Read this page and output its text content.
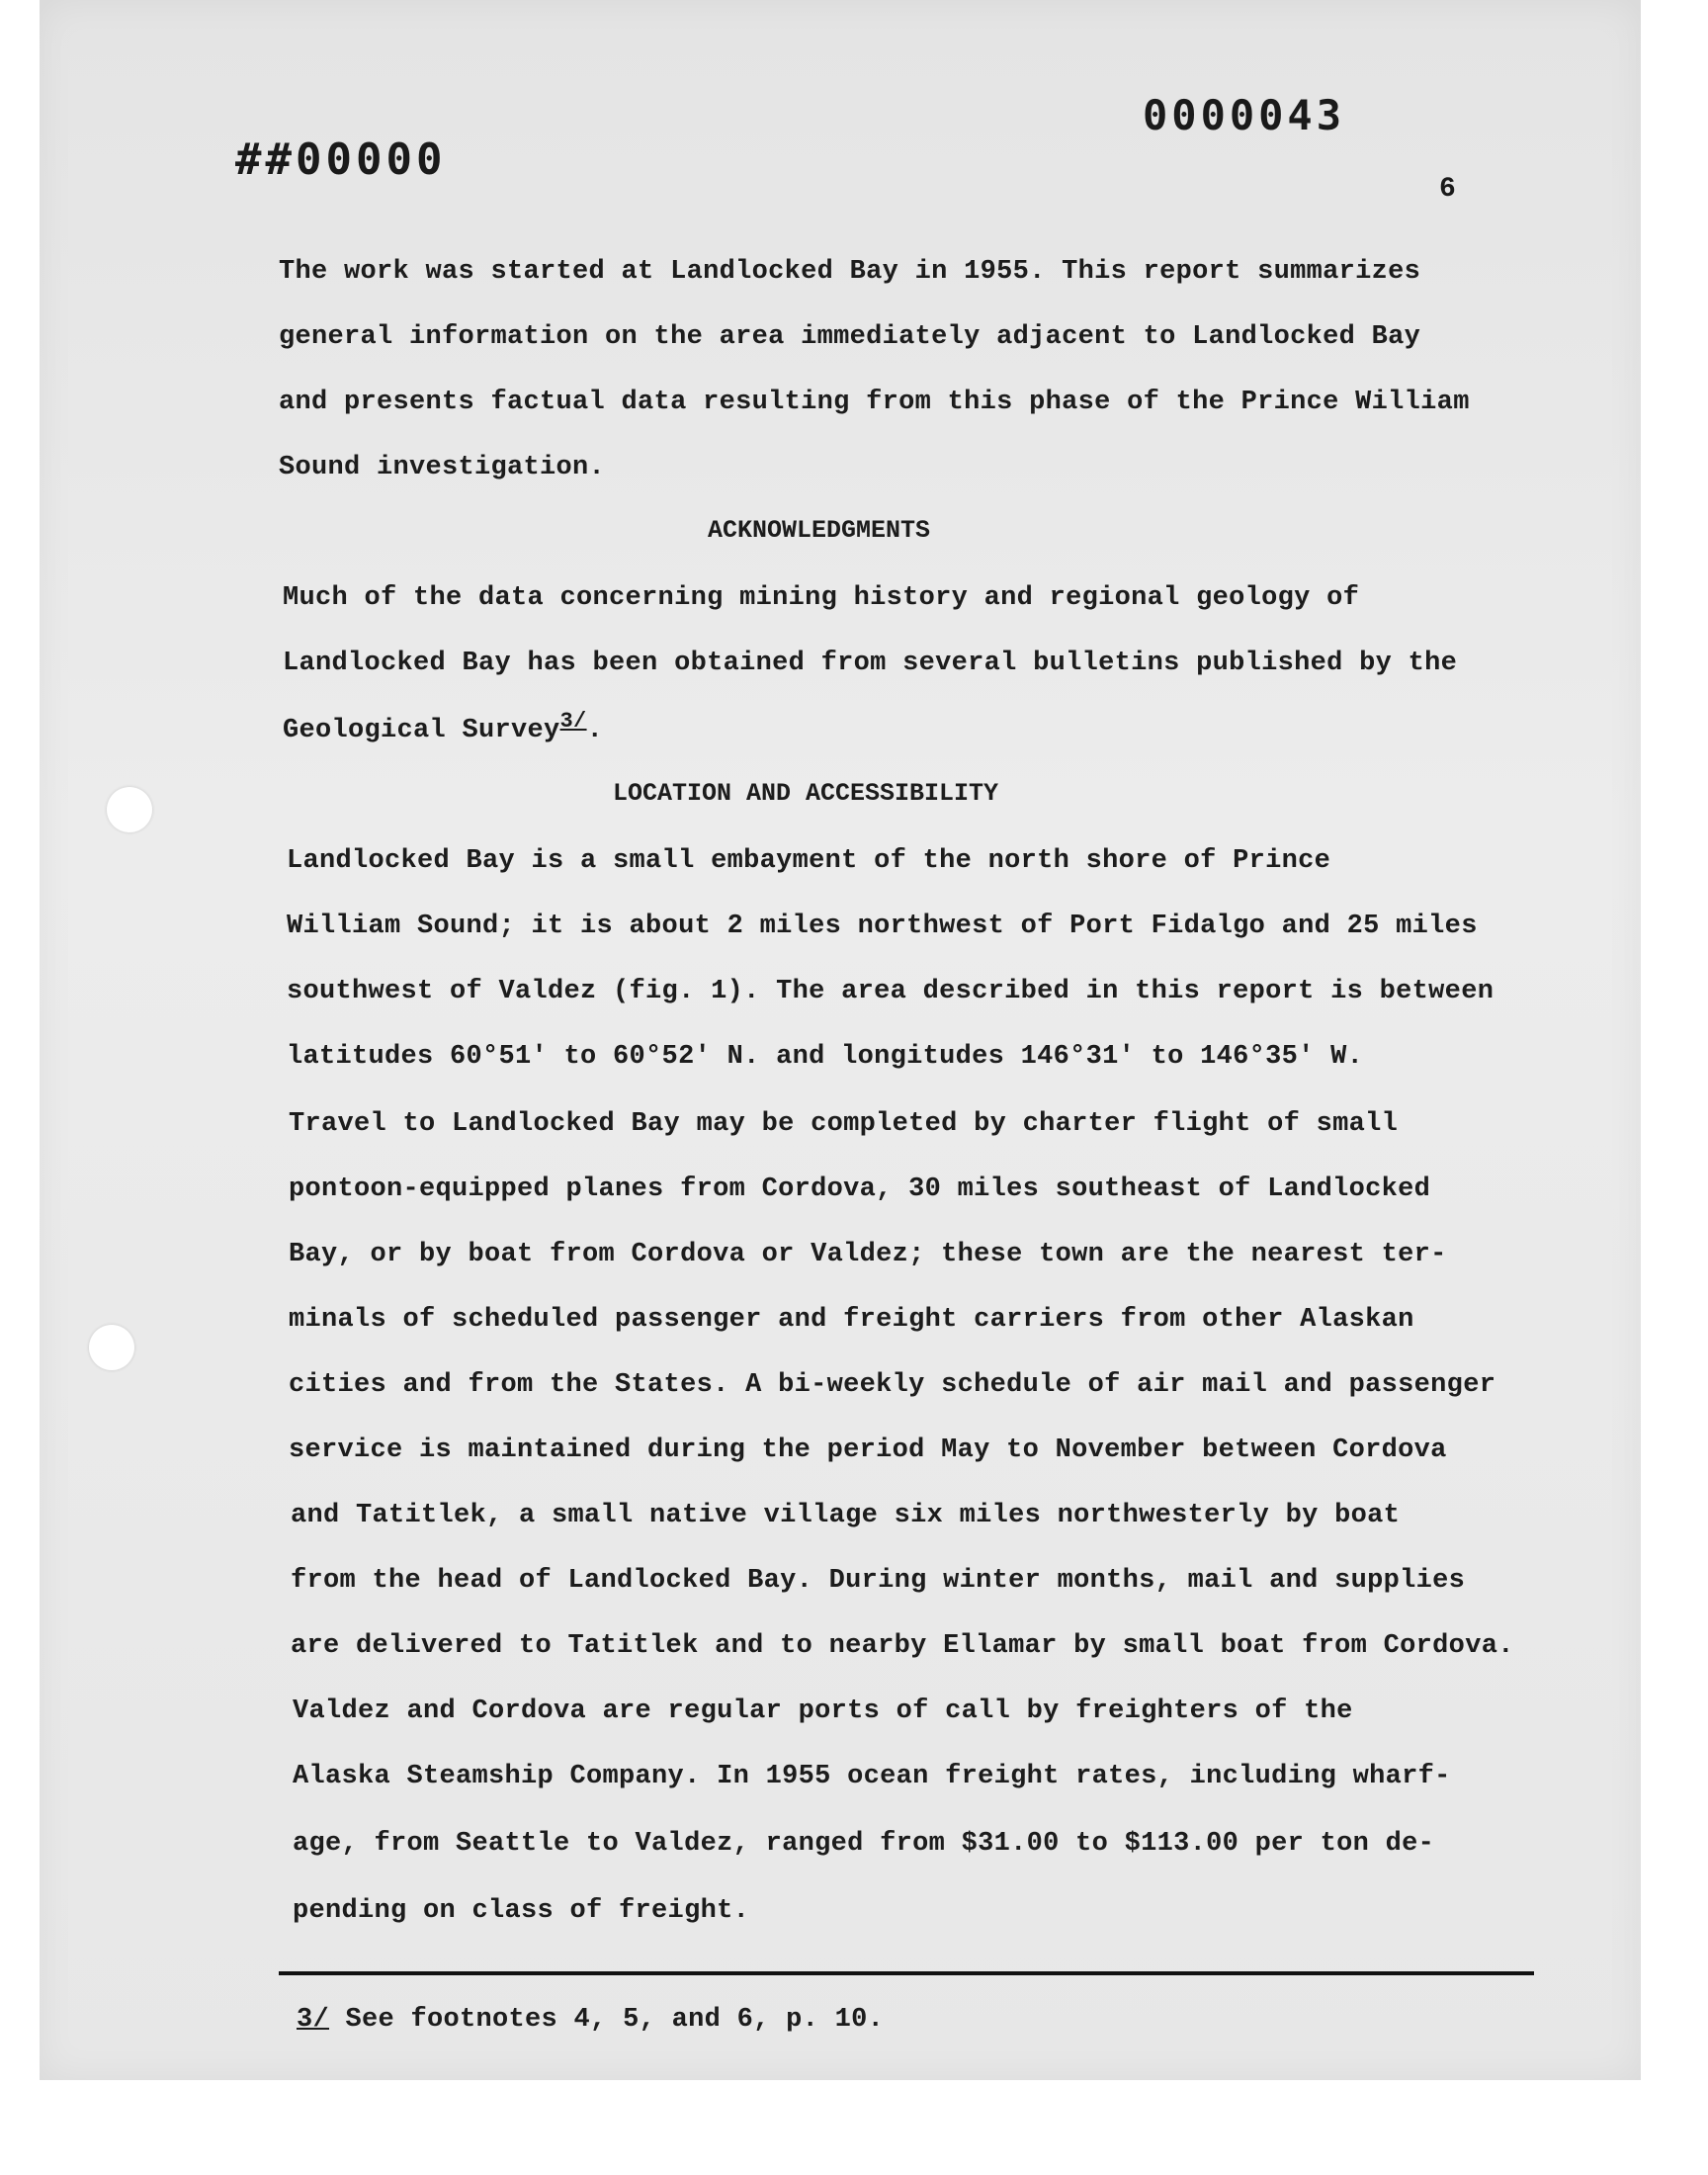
##00000
0000043
6
The work was started at Landlocked Bay in 1955. This report summarizes
general information on the area immediately adjacent to Landlocked Bay
and presents factual data resulting from this phase of the Prince William
Sound investigation.
ACKNOWLEDGMENTS
Much of the data concerning mining history and regional geology of
Landlocked Bay has been obtained from several bulletins published by the
Geological Survey$^{3/}$.
LOCATION AND ACCESSIBILITY
Landlocked Bay is a small embayment of the north shore of Prince
William Sound; it is about 2 miles northwest of Port Fidalgo and 25 miles
southwest of Valdez (fig. 1). The area described in this report is between
latitudes 60°51' to 60°52' N. and longitudes 146°31' to 146°35' W.
Travel to Landlocked Bay may be completed by charter flight of small
pontoon-equipped planes from Cordova, 30 miles southeast of Landlocked
Bay, or by boat from Cordova or Valdez; these town are the nearest ter-
minals of scheduled passenger and freight carriers from other Alaskan
cities and from the States. A bi-weekly schedule of air mail and passenger
service is maintained during the period May to November between Cordova
and Tatitlek, a small native village six miles northwesterly by boat
from the head of Landlocked Bay. During winter months, mail and supplies
are delivered to Tatitlek and to nearby Ellamar by small boat from Cordova.
Valdez and Cordova are regular ports of call by freighters of the
Alaska Steamship Company. In 1955 ocean freight rates, including wharf-
age, from Seattle to Valdez, ranged from $31.00 to $113.00 per ton de-
pending on class of freight.
3/ See footnotes 4, 5, and 6, p. 10.
